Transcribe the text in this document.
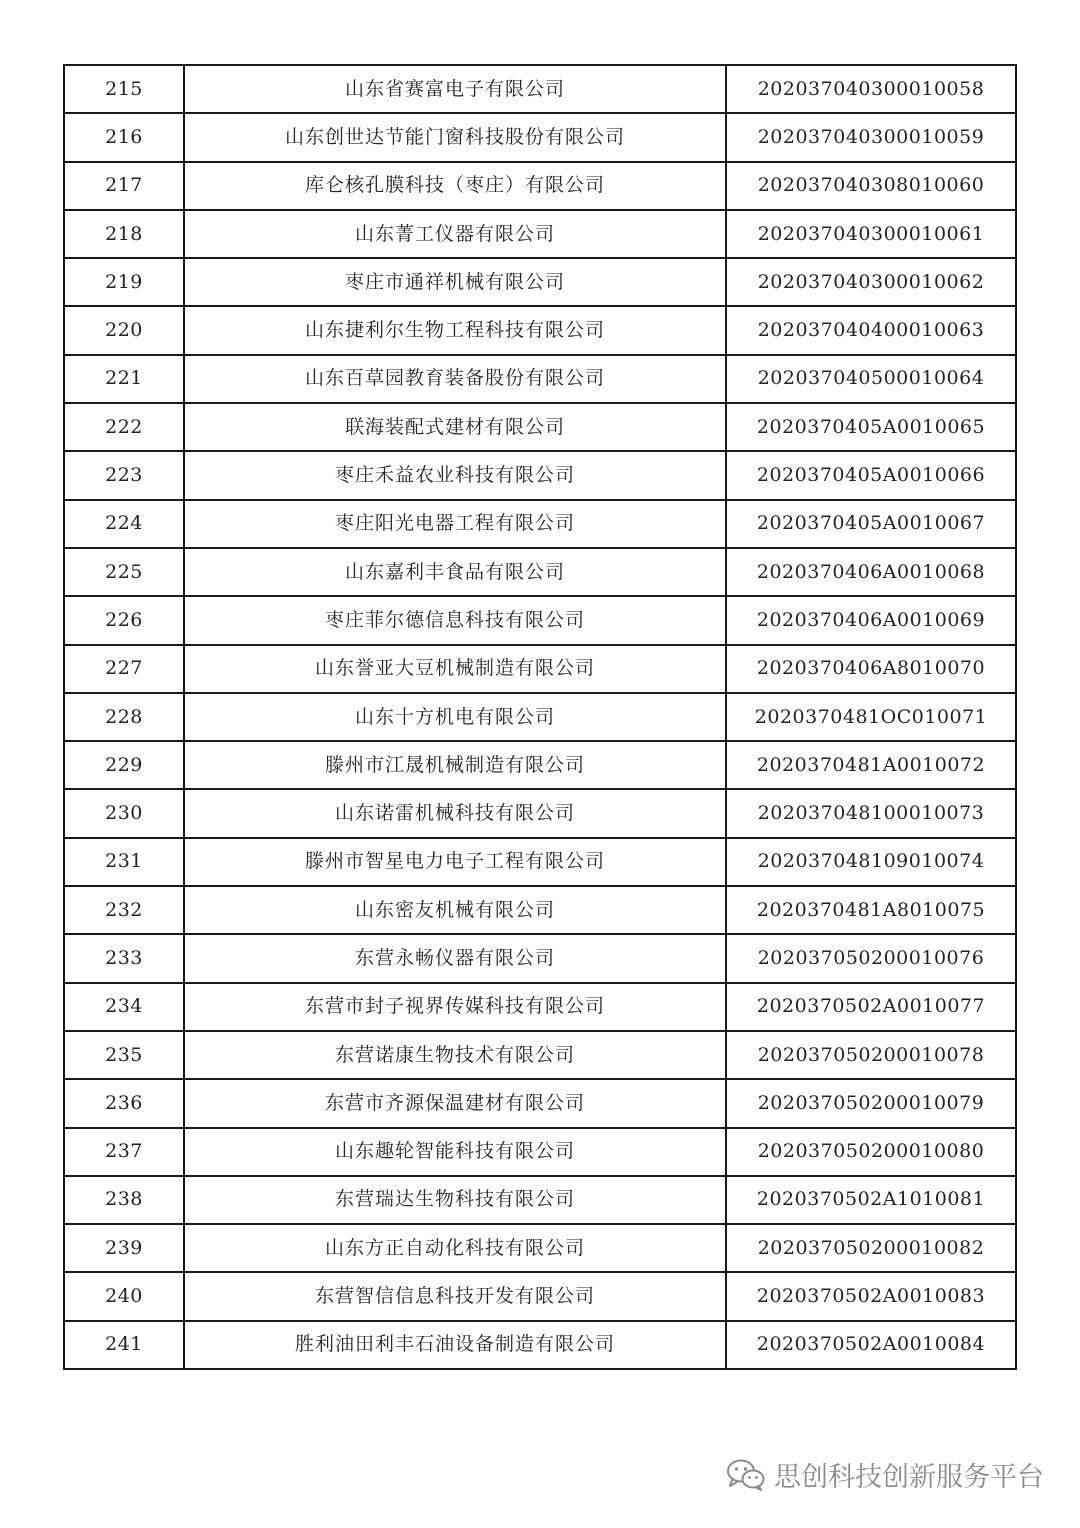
215	山东省赛富电子有限公司	202037040300010058
216	山东创世达节能门窗科技股份有限公司	202037040300010059
217	库仑核孔膜科技（枣庄）有限公司	202037040308010060
218	山东菁工仪器有限公司	202037040300010061
219	枣庄市通祥机械有限公司	202037040300010062
220	山东捷利尔生物工程科技有限公司	202037040400010063
221	山东百草园教育装备股份有限公司	202037040500010064
222	联海装配式建材有限公司	2020370405A0010065
223	枣庄禾益农业科技有限公司	2020370405A0010066
224	枣庄阳光电器工程有限公司	2020370405A0010067
225	山东嘉利丰食品有限公司	2020370406A0010068
226	枣庄菲尔德信息科技有限公司	2020370406A0010069
227	山东誉亚大豆机械制造有限公司	2020370406A8010070
228	山东十方机电有限公司	2020370481OC010071
229	滕州市江晟机械制造有限公司	2020370481A0010072
230	山东诺雷机械科技有限公司	202037048100010073
231	滕州市智星电力电子工程有限公司	202037048109010074
232	山东密友机械有限公司	2020370481A8010075
233	东营永畅仪器有限公司	202037050200010076
234	东营市封子视界传媒科技有限公司	2020370502A0010077
235	东营诺康生物技术有限公司	202037050200010078
236	东营市齐源保温建材有限公司	202037050200010079
237	山东趣轮智能科技有限公司	202037050200010080
238	东营瑞达生物科技有限公司	2020370502A1010081
239	山东方正自动化科技有限公司	202037050200010082
240	东营智信信息科技开发有限公司	2020370502A0010083
241	胜利油田利丰石油设备制造有限公司	2020370502A0010084
思创科技创新服务平台
